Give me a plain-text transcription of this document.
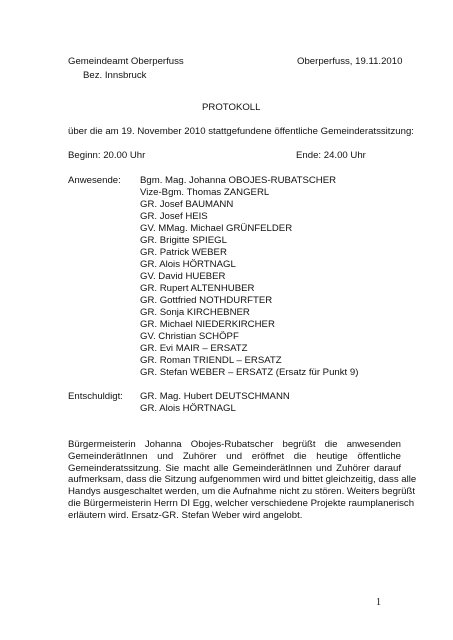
Gemeindeamt Oberperfuss	Oberperfuss, 19.11.2010
Bez. Innsbruck
PROTOKOLL
über die am 19. November 2010 stattgefundene öffentliche Gemeinderatssitzung:
Beginn: 20.00 Uhr	Ende: 24.00 Uhr
Anwesende: Bgm. Mag. Johanna OBOJES-RUBATSCHER
Vize-Bgm. Thomas ZANGERL
GR. Josef BAUMANN
GR. Josef HEIS
GV. MMag. Michael GRÜNFELDER
GR. Brigitte SPIEGL
GR. Patrick WEBER
GR. Alois HÖRTNAGL
GV. David HUEBER
GR. Rupert ALTENHUBER
GR. Gottfried NOTHDURFTER
GR. Sonja KIRCHEBNER
GR. Michael NIEDERKIRCHER
GV. Christian SCHÖPF
GR. Evi MAIR – ERSATZ
GR. Roman TRIENDL – ERSATZ
GR. Stefan WEBER – ERSATZ (Ersatz für Punkt 9)
Entschuldigt: GR. Mag. Hubert DEUTSCHMANN
GR. Alois HÖRTNAGL
Bürgermeisterin Johanna Obojes-Rubatscher begrüßt die anwesenden
GemeinderätInnen und Zuhörer und eröffnet die heutige öffentliche
Gemeinderatssitzung. Sie macht alle GemeinderätInnen und Zuhörer darauf
aufmerksam, dass die Sitzung aufgenommen wird und bittet gleichzeitig, dass alle
Handys ausgeschaltet werden, um die Aufnahme nicht zu stören. Weiters begrüßt
die Bürgermeisterin Herrn DI Egg, welcher verschiedene Projekte raumplanerisch
erläutern wird. Ersatz-GR. Stefan Weber wird angelobt.
1
